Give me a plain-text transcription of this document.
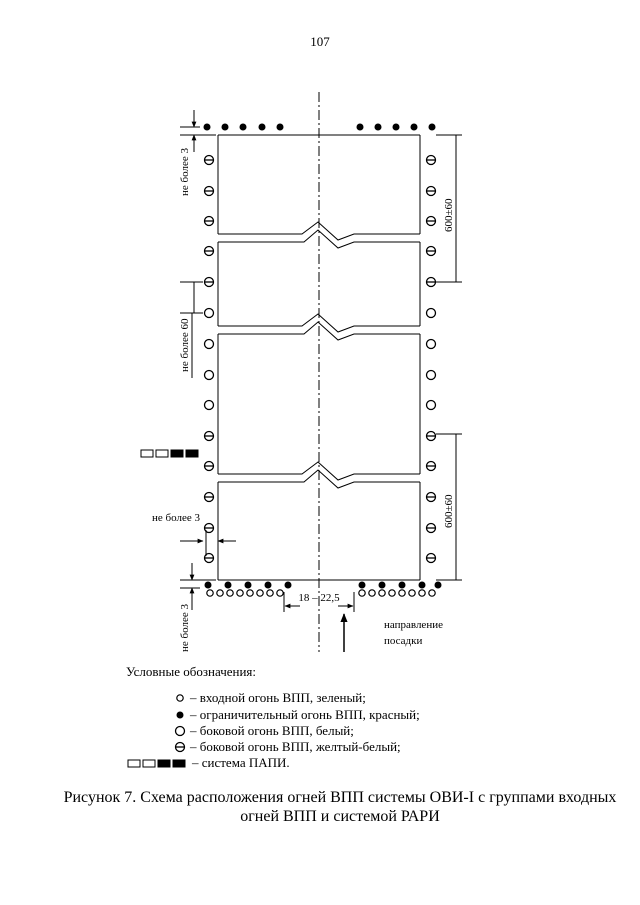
107
не более 3
не более 60
600±60
600±60
не более 3
не более 3
18 – 22,5
направление
посадки
Условные обозначения:
– входной огонь ВПП, зеленый;
– ограничительный огонь ВПП, красный;
– боковой огонь ВПП, белый;
– боковой огонь ВПП, желтый-белый;
– система ПАПИ.
Рисунок 7. Схема расположения огней ВПП системы ОВИ-I с группами входных
огней ВПП и системой РАРИ
